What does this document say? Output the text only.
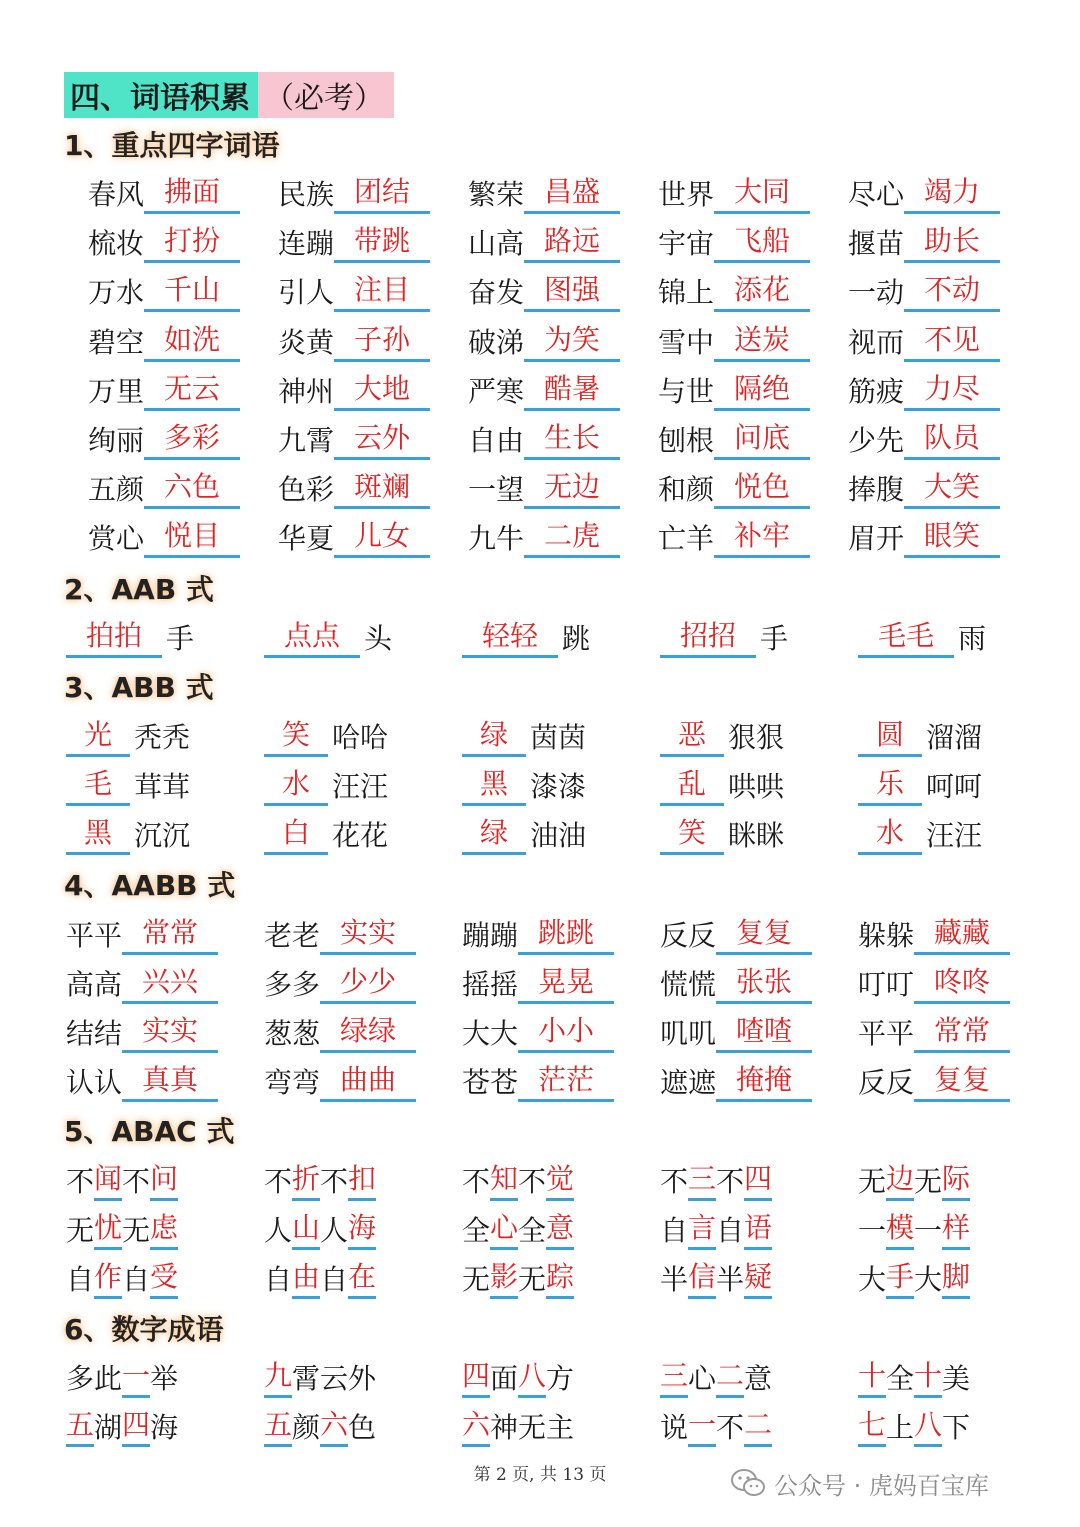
四、词语积累 （必考）
1、重点四字词语
春风 拂面	民族 团结	繁荣 昌盛	世界 大同	尽心 竭力
梳妆 打扮	连蹦 带跳	山高 路远	宇宙 飞船	揠苗 助长
万水 千山	引人 注目	奋发 图强	锦上 添花	一动 不动
碧空 如洗	炎黄 子孙	破涕 为笑	雪中 送炭	视而 不见
万里 无云	神州 大地	严寒 酷暑	与世 隔绝	筋疲 力尽
绚丽 多彩	九霄 云外	自由 生长	刨根 问底	少先 队员
五颜 六色	色彩 斑斓	一望 无边	和颜 悦色	捧腹 大笑
赏心 悦目	华夏 儿女	九牛 二虎	亡羊 补牢	眉开 眼笑
2、AAB 式
拍拍 手	点点 头	轻轻 跳	招招 手	毛毛 雨
3、ABB 式
光 秃秃	笑 哈哈	绿 茵茵	恶 狠狠	圆 溜溜
毛 茸茸	水 汪汪	黑 漆漆	乱 哄哄	乐 呵呵
黑 沉沉	白 花花	绿 油油	笑 眯眯	水 汪汪
4、AABB 式
平平 常常	老老 实实	蹦蹦 跳跳	反反 复复	躲躲 藏藏
高高 兴兴	多多 少少	摇摇 晃晃	慌慌 张张	叮叮 咚咚
结结 实实	葱葱 绿绿	大大 小小	叽叽 喳喳	平平 常常
认认 真真	弯弯 曲曲	苍苍 茫茫	遮遮 掩掩	反反 复复
5、ABAC 式
不 闻 不 问	不 折 不 扣	不 知 不 觉	不 三 不 四	无 边 无 际
无 忧 无 虑	人 山 人 海	全 心 全 意	自 言 自 语	一 模 一 样
自 作 自 受	自 由 自 在	无 影 无 踪	半 信 半 疑	大 手 大 脚
6、数字成语
多此 一 举	九 霄云外	四 面 八 方	三 心 二 意	十 全 十 美
五 湖 四 海	五 颜 六 色	六 神无主	说 一 不 二	七 上 八 下
第 2 页, 共 13 页	公众号 · 虎妈百宝库
